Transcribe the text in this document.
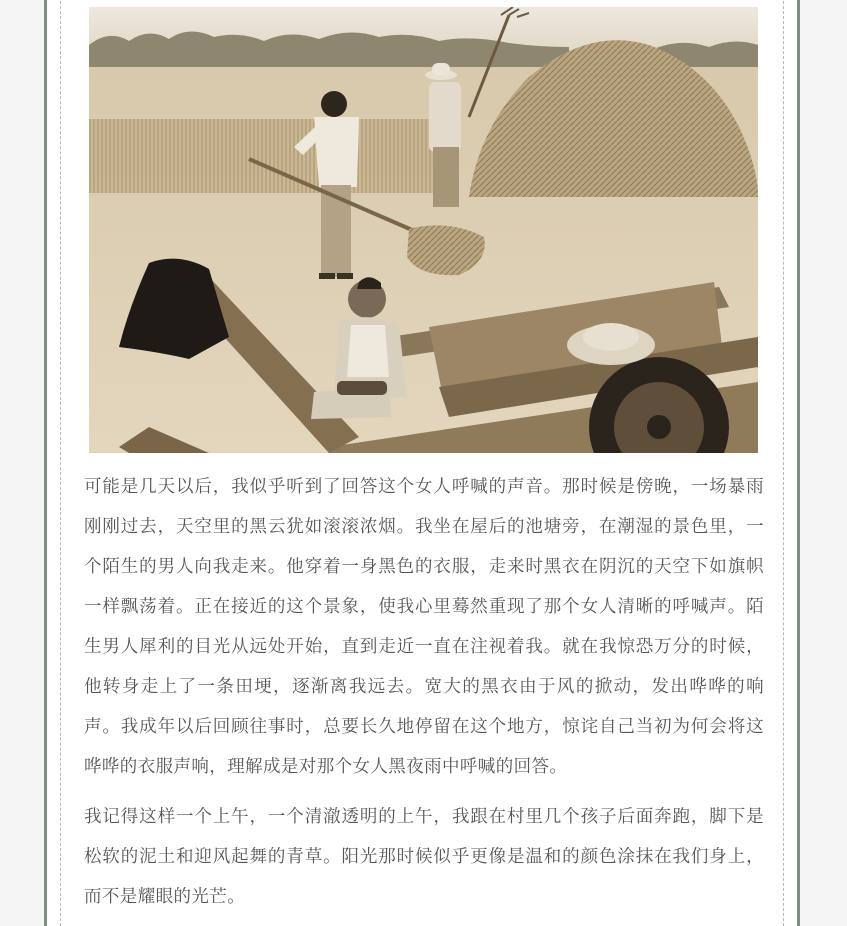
可能是几天以后，我似乎听到了回答这个女人呼喊的声音。那时候是傍晚，一场暴雨刚刚过去，天空里的黑云犹如滚滚浓烟。我坐在屋后的池塘旁，在潮湿的景色里，一个陌生的男人向我走来。他穿着一身黑色的衣服，走来时黑衣在阴沉的天空下如旗帜一样飘荡着。正在接近的这个景象，使我心里蓦然重现了那个女人清晰的呼喊声。陌生男人犀利的目光从远处开始，直到走近一直在注视着我。就在我惊恐万分的时候，他转身走上了一条田埂，逐渐离我远去。宽大的黑衣由于风的掀动，发出哗哗的响声。我成年以后回顾往事时，总要长久地停留在这个地方，惊诧自己当初为何会将这哗哗的衣服声响，理解成是对那个女人黑夜雨中呼喊的回答。

我记得这样一个上午，一个清澈透明的上午，我跟在村里几个孩子后面奔跑，脚下是松软的泥土和迎风起舞的青草。阳光那时候似乎更像是温和的颜色涂抹在我们身上，而不是耀眼的光芒。
